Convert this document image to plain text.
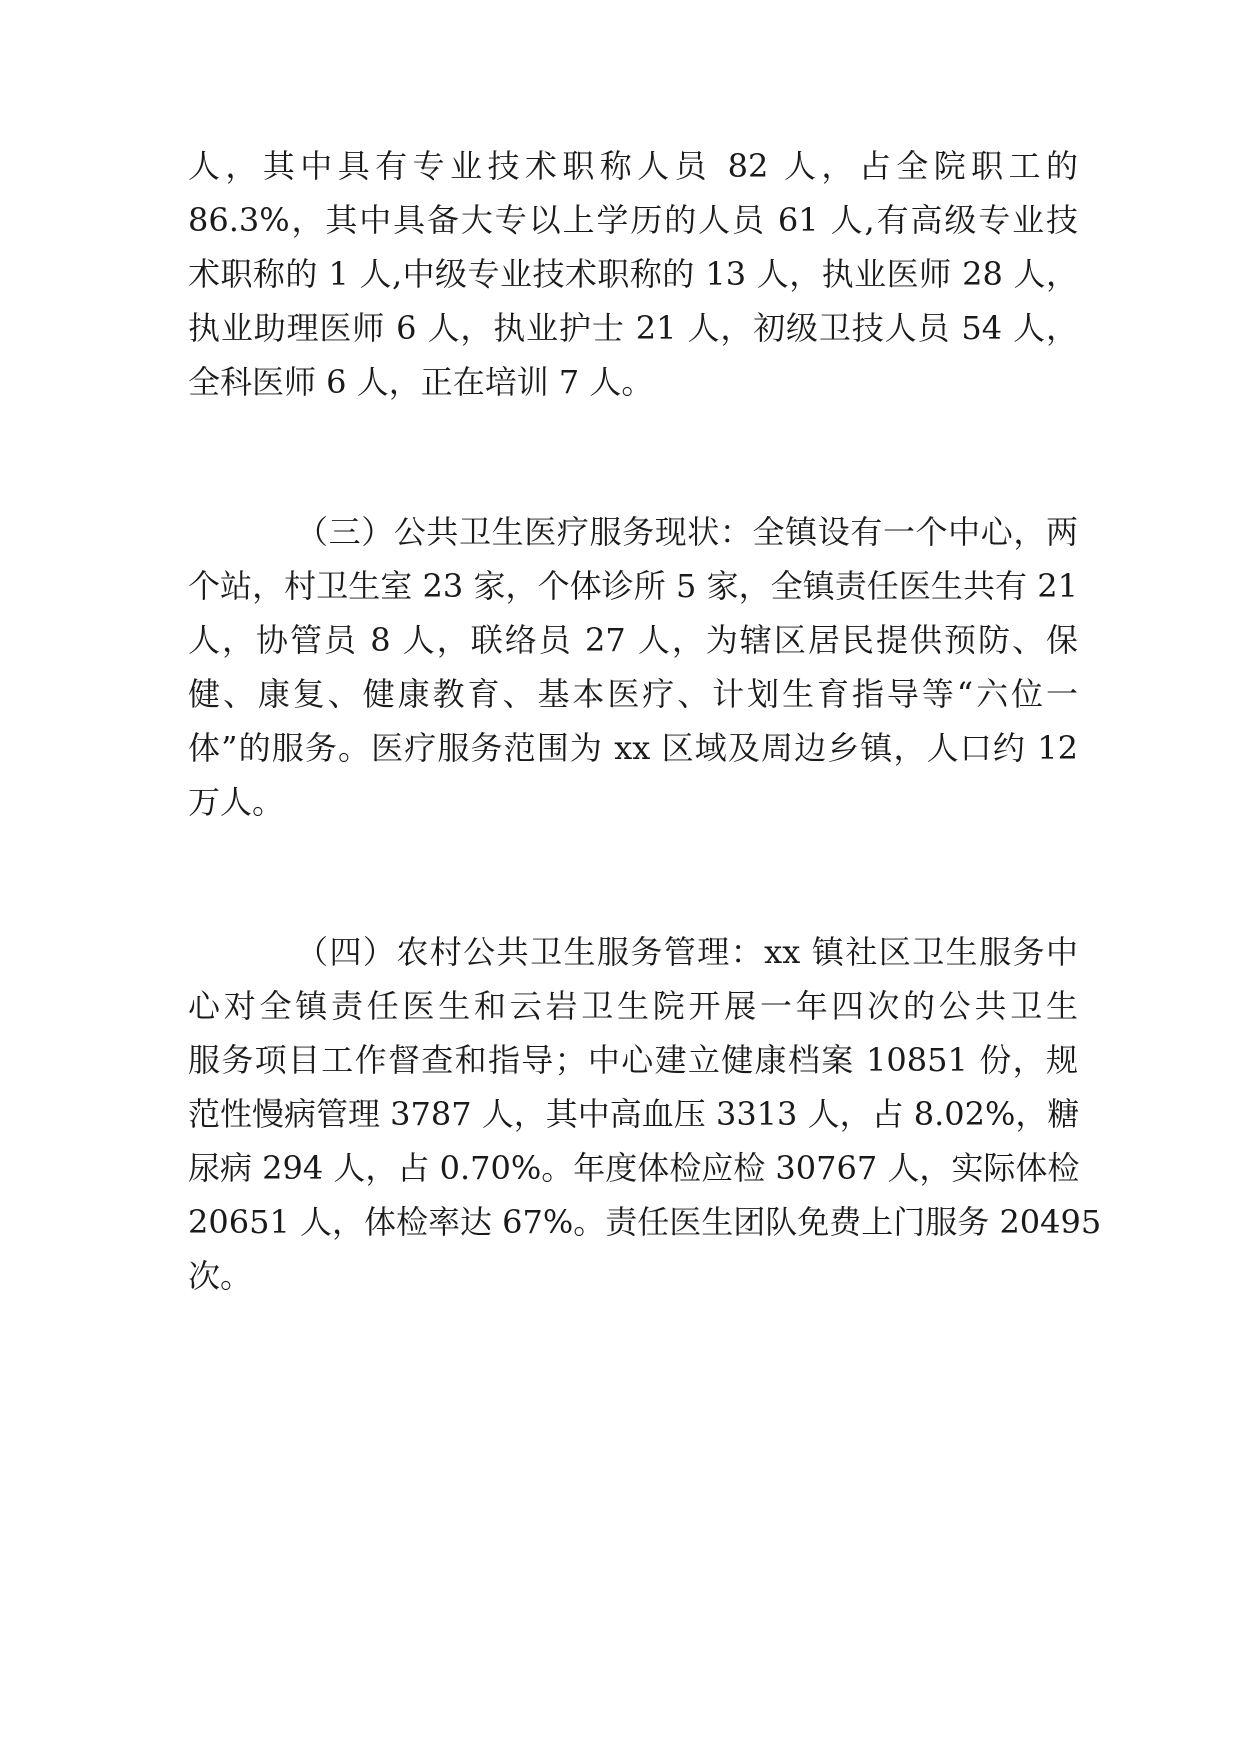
人，其中具有专业技术职称人员 82 人，占全院职工的
86.3%，其中具备大专以上学历的人员 61 人,有高级专业技
术职称的 1 人,中级专业技术职称的 13 人，执业医师 28 人，
执业助理医师 6 人，执业护士 21 人，初级卫技人员 54 人，
全科医师 6 人，正在培训 7 人。
（三）公共卫生医疗服务现状：全镇设有一个中心，两
个站，村卫生室 23 家，个体诊所 5 家，全镇责任医生共有 21
人，协管员 8 人，联络员 27 人，为辖区居民提供预防、保
健、康复、健康教育、基本医疗、计划生育指导等“六位一
体”的服务。医疗服务范围为 xx 区域及周边乡镇，人口约 12
万人。
（四）农村公共卫生服务管理：xx 镇社区卫生服务中
心对全镇责任医生和云岩卫生院开展一年四次的公共卫生
服务项目工作督查和指导；中心建立健康档案 10851 份，规
范性慢病管理 3787 人，其中高血压 3313 人，占 8.02%，糖
尿病 294 人，占 0.70%。年度体检应检 30767 人，实际体检
20651 人，体检率达 67%。责任医生团队免费上门服务 20495
次。
